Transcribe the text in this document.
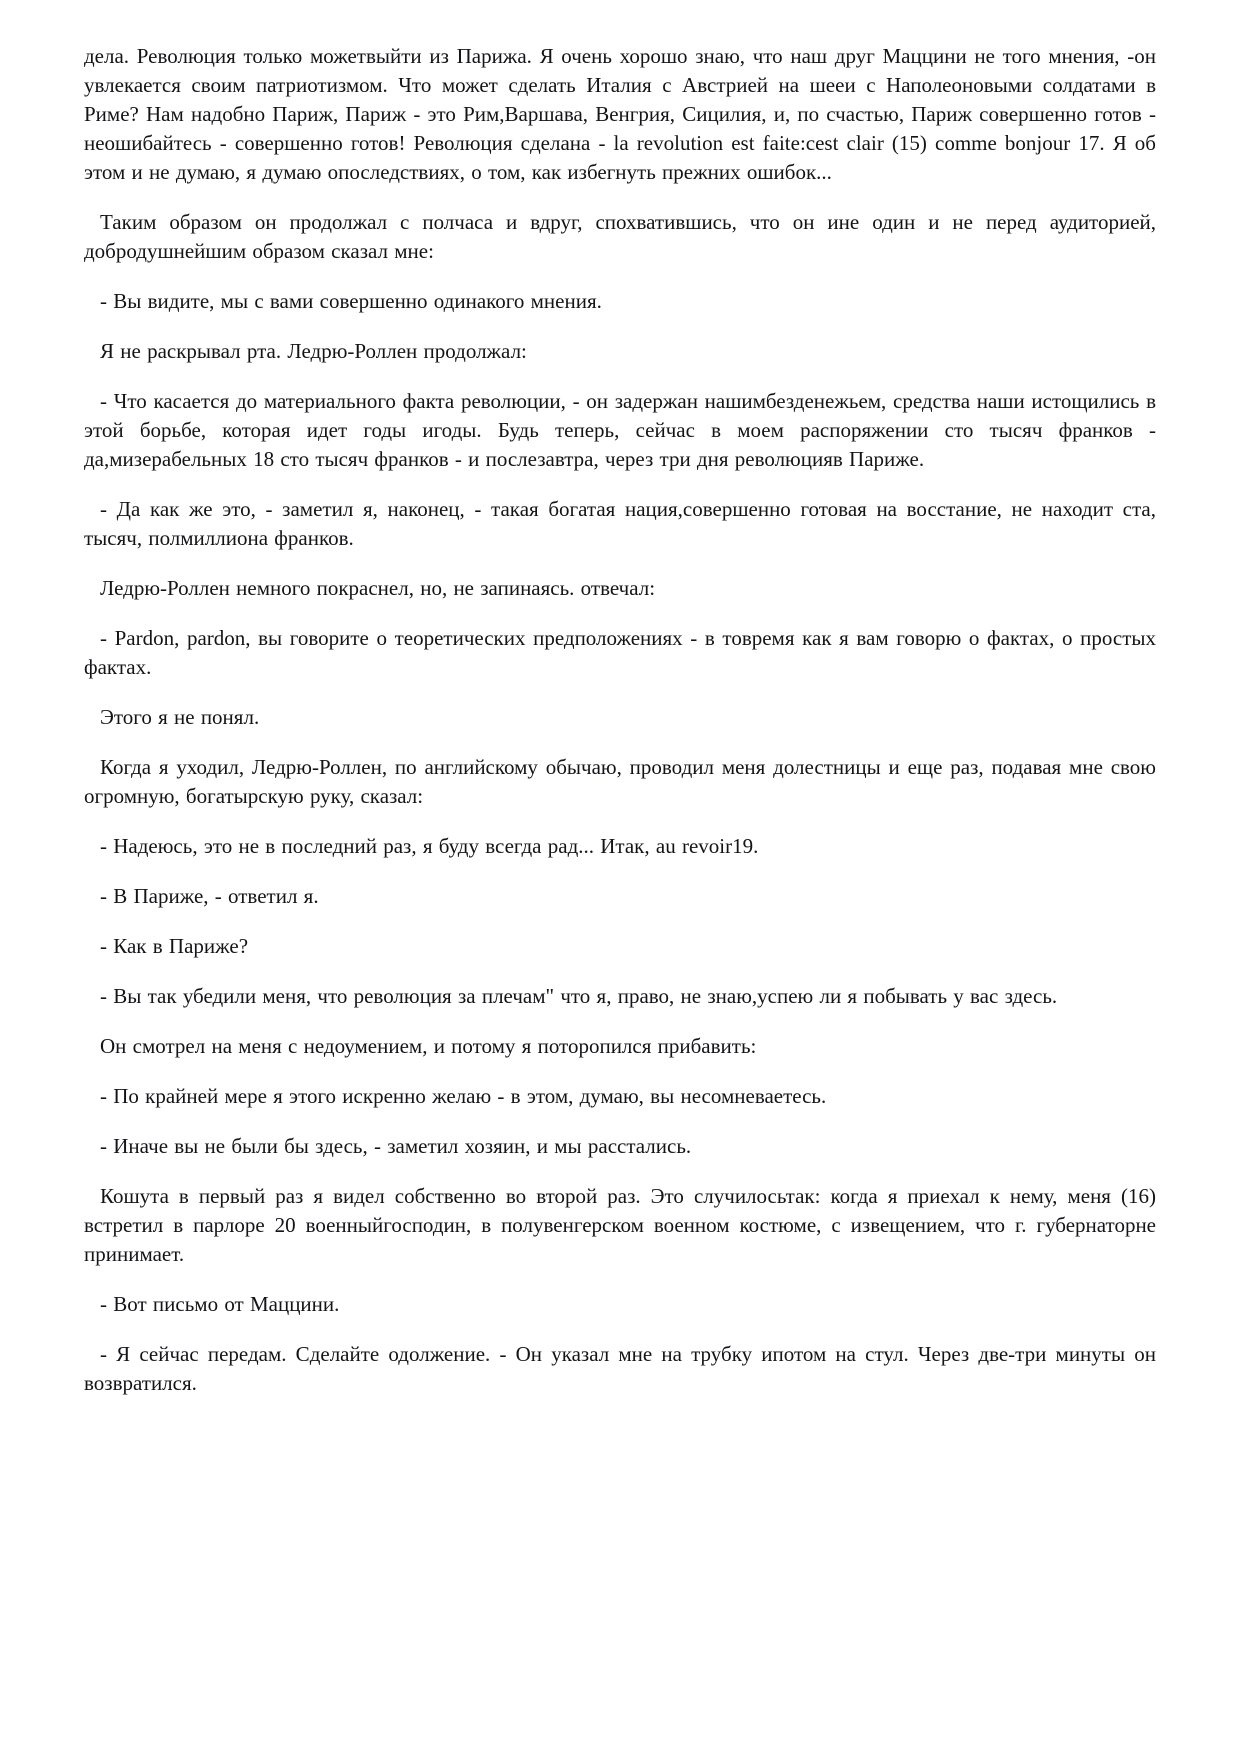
дела. Революция только можетвыйти из Парижа. Я очень хорошо знаю, что наш друг Маццини не того мнения, -он увлекается своим патриотизмом. Что может сделать Италия с Австрией на шееи с Наполеоновыми солдатами в Риме? Нам надобно Париж, Париж - это Рим,Варшава, Венгрия, Сицилия, и, по счастью, Париж совершенно готов - неошибайтесь - совершенно готов! Революция сделана - la revolution est faite:cest clair (15) comme bonjour 17. Я об этом и не думаю, я думаю опоследствиях, о том, как избегнуть прежних ошибок...

Таким образом он продолжал с полчаса и вдруг, спохватившись, что он ине один и не перед аудиторией, добродушнейшим образом сказал мне:

- Вы видите, мы с вами совершенно одинакого мнения.

Я не раскрывал рта. Ледрю-Роллен продолжал:

- Что касается до материального факта революции, - он задержан нашимбезденежьем, средства наши истощились в этой борьбе, которая идет годы игоды. Будь теперь, сейчас в моем распоряжении сто тысяч франков - да,мизерабельных 18 сто тысяч франков - и послезавтра, через три дня революцияв Париже.

- Да как же это, - заметил я, наконец, - такая богатая нация,совершенно готовая на восстание, не находит ста, тысяч, полмиллиона франков.

Ледрю-Роллен немного покраснел, но, не запинаясь. отвечал:

- Pardon, pardon, вы говорите о теоретических предположениях - в товремя как я вам говорю о фактах, о простых фактах.

Этого я не понял.

Когда я уходил, Ледрю-Роллен, по английскому обычаю, проводил меня долестницы и еще раз, подавая мне свою огромную, богатырскую руку, сказал:

- Надеюсь, это не в последний раз, я буду всегда рад... Итак, au revoir19.

- В Париже, - ответил я.

- Как в Париже?

- Вы так убедили меня, что революция за плечам" что я, право, не знаю,успею ли я побывать у вас здесь.

Он смотрел на меня с недоумением, и потому я поторопился прибавить:

- По крайней мере я этого искренно желаю - в этом, думаю, вы несомневаетесь.

- Иначе вы не были бы здесь, - заметил хозяин, и мы расстались.

Кошута в первый раз я видел собственно во второй раз. Это случилосьтак: когда я приехал к нему, меня (16) встретил в парлоре 20 военныйгосподин, в полувенгерском военном костюме, с извещением, что г. губернаторне принимает.

- Вот письмо от Маццини.

- Я сейчас передам. Сделайте одолжение. - Он указал мне на трубку ипотом на стул. Через две-три минуты он возвратился.
